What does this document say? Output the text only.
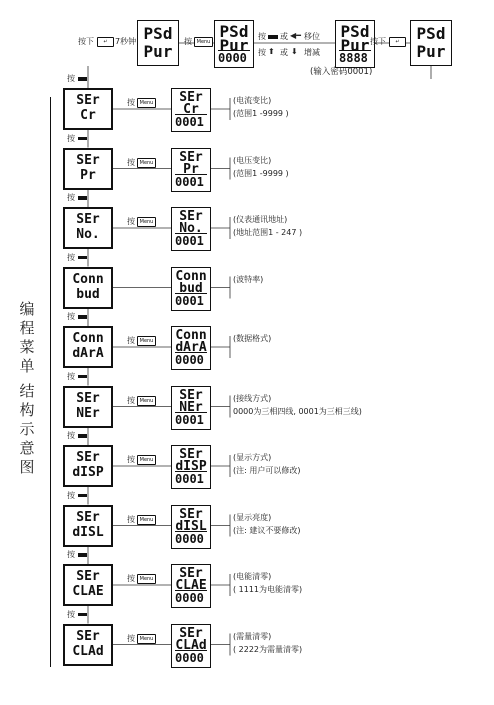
编
程
菜
单
结
构
示
意
图
按下	↵ 7秒钟 PSd
Pur
按 Menu
PSd
Pur
0000
按 或 ◀━ 移位
按 ⬆ 或 ⬇ 增减
PSd
Pur
8888
按下	↵	PSd
Pur
(输入密码0001)
按
SEr
Cr
按 Menu	SEr
Cr
0001
(电流变比)
(范围1 -9999 )
按
SEr
Pr
按 Menu	SEr
Pr
0001
(电压变比)
(范围1 -9999 )
按
SEr
No.
按 Menu	SEr
No.
0001
(仪表通讯地址)
(地址范围1 - 247 )
按
Conn
bud
Conn
bud
0001
(波特率)
按
Conn
dArA
按 Menu Conn
dArA
0000
(数据格式)
按
SEr
NEr
按 Menu	SEr
NEr
0001
(接线方式)
0000为三相四线, 0001为三相三线)
按
SEr
dISP
按 Menu	SEr
dISP
0001
(显示方式)
(注: 用户可以修改)
按
SEr
dISL
按 Menu	SEr
dISL
0000
(显示亮度)
(注: 建议不要修改)
按
SEr
CLAE
按 Menu	SEr
CLAE
0000
(电能清零)
( 1111为电能清零)
按
SEr
CLAd
按 Menu	SEr
CLAd
0000
(需量清零)
( 2222为需量清零)
